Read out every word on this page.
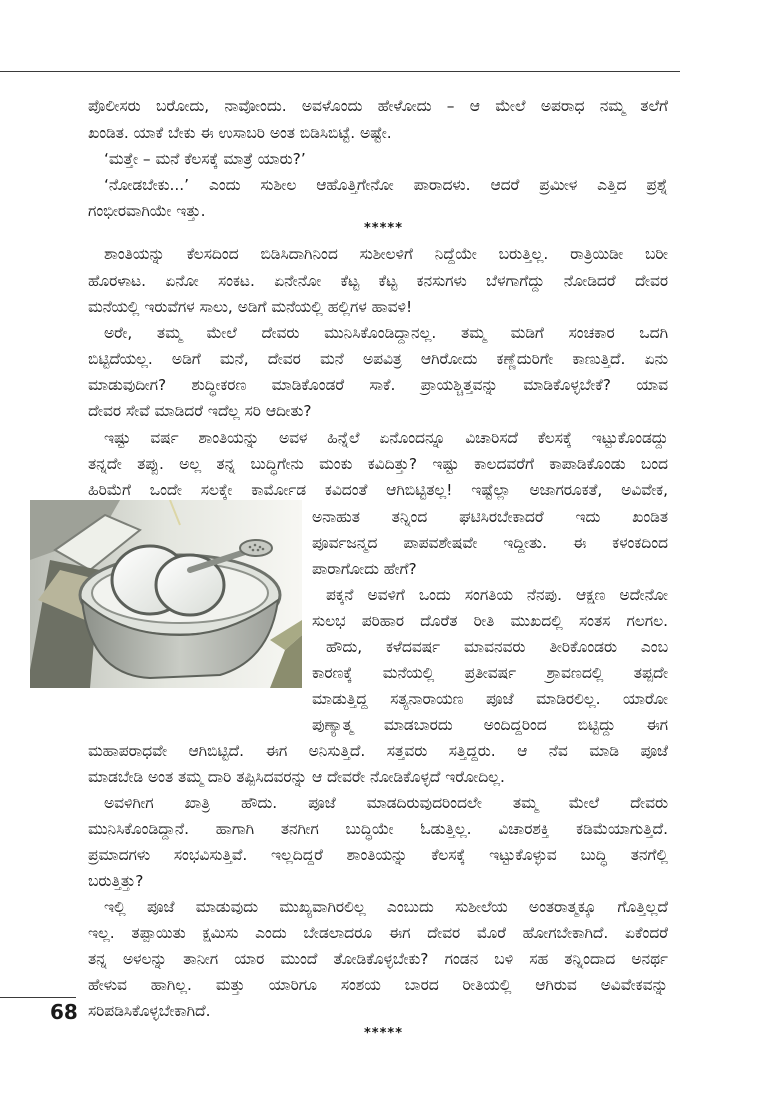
ಪೊಲೀಸರು ಬರೋದು, ನಾವೋಂದು. ಅವಳೊಂದು ಹೇಳೋದು – ಆ ಮೇಲೆ ಅಪರಾಧ ನಮ್ಮ ತಲೆಗೆ
ಖಂಡಿತ. ಯಾಕೆ ಬೇಕು ಈ ಉಸಾಬರಿ ಅಂತ ಬಿಡಿಸಿಬಿಟ್ಟೆ. ಅಷ್ಟೇ.
‘ಮತ್ತೇ – ಮನೆ ಕೆಲಸಕ್ಕೆ ಮಾತ್ರೆ ಯಾರು?’
‘ನೋಡಬೇಕು...’ ಎಂದು ಸುಶೀಲ ಆಹೊತ್ತಿಗೇನೋ ಪಾರಾದಳು. ಆದರೆ ಪ್ರಮೀಳ ಎತ್ತಿದ ಪ್ರಶ್ನೆ
ಗಂಭೀರವಾಗಿಯೇ ಇತ್ತು.
*****
ಶಾಂತಿಯನ್ನು ಕೆಲಸದಿಂದ ಬಿಡಿಸಿದಾಗಿನಿಂದ ಸುಶೀಲಳಿಗೆ ನಿದ್ದೆಯೇ ಬರುತ್ತಿಲ್ಲ. ರಾತ್ರಿಯಿಡೀ ಬರೀ
ಹೊರಳಾಟ. ಏನೋ ಸಂಕಟ. ಏನೇನೋ ಕೆಟ್ಟ ಕೆಟ್ಟ ಕನಸುಗಳು ಬೆಳಗಾಗೆದ್ದು ನೋಡಿದರೆ ದೇವರ
ಮನೆಯಲ್ಲಿ ಇರುವೆಗಳ ಸಾಲು, ಅಡಿಗೆ ಮನೆಯಲ್ಲಿ ಹಲ್ಲಿಗಳ ಹಾವಳಿ!
ಅರೇ, ತಮ್ಮ ಮೇಲೆ ದೇವರು ಮುನಿಸಿಕೊಂಡಿದ್ದಾನಲ್ಲ. ತಮ್ಮ ಮಡಿಗೆ ಸಂಚಕಾರ ಒದಗಿ
ಬಿಟ್ಟಿದೆಯಲ್ಲ. ಅಡಿಗೆ ಮನೆ, ದೇವರ ಮನೆ ಅಪವಿತ್ರ ಆಗಿರೋದು ಕಣ್ಣೆದುರಿಗೇ ಕಾಣುತ್ತಿದೆ. ಏನು
ಮಾಡುವುದೀಗ? ಶುದ್ಧೀಕರಣ ಮಾಡಿಕೊಂಡರೆ ಸಾಕೆ. ಪ್ರಾಯಶ್ಚಿತ್ತವನ್ನು ಮಾಡಿಕೊಳ್ಳಬೇಕೆ? ಯಾವ
ದೇವರ ಸೇವೆ ಮಾಡಿದರೆ ಇದೆಲ್ಲ ಸರಿ ಆದೀತು?
ಇಷ್ಟು ವರ್ಷ ಶಾಂತಿಯನ್ನು ಅವಳ ಹಿನ್ನೆಲೆ ಏನೊಂದನ್ನೂ ವಿಚಾರಿಸದೆ ಕೆಲಸಕ್ಕೆ ಇಟ್ಟುಕೊಂಡದ್ದು
ತನ್ನದೇ ತಪ್ಪು. ಅಲ್ಲ ತನ್ನ ಬುದ್ಧಿಗೇನು ಮಂಕು ಕವಿದಿತ್ತು? ಇಷ್ಟು ಕಾಲದವರೆಗೆ ಕಾಪಾಡಿಕೊಂಡು ಬಂದ
ಹಿರಿಮೆಗೆ ಒಂದೇ ಸಲಕ್ಕೇ ಕಾರ್ಮೋಡ ಕವಿದಂತೆ ಆಗಿಬಿಟ್ಟಿತಲ್ಲ! ಇಷ್ಟೆಲ್ಲಾ ಅಜಾಗರೂಕತೆ, ಅವಿವೇಕ,
ಅನಾಹುತ ತನ್ನಿಂದ ಘಟಿಸಿರಬೇಕಾದರೆ ಇದು ಖಂಡಿತ
ಪೂರ್ವಜನ್ಮದ ಪಾಪವಶೇಷವೇ ಇದ್ದೀತು. ಈ ಕಳಂಕದಿಂದ
ಪಾರಾಗೋದು ಹೇಗೆ?
ಪಕ್ಕನೆ ಅವಳಿಗೆ ಒಂದು ಸಂಗತಿಯ ನೆನಪು. ಆಕ್ಷಣ ಅದೇನೋ
ಸುಲಭ ಪರಿಹಾರ ದೊರೆತ ರೀತಿ ಮುಖದಲ್ಲಿ ಸಂತಸ ಗಲಗಲ.
ಹೌದು, ಕಳೆದವರ್ಷ ಮಾವನವರು ತೀರಿಕೊಂಡರು ಎಂಬ
ಕಾರಣಕ್ಕೆ ಮನೆಯಲ್ಲಿ ಪ್ರತೀವರ್ಷ ಶ್ರಾವಣದಲ್ಲಿ ತಪ್ಪದೇ
ಮಾಡುತ್ತಿದ್ದ ಸತ್ಯನಾರಾಯಣ ಪೂಜೆ ಮಾಡಿರಲಿಲ್ಲ. ಯಾರೋ
ಪುಣ್ಯಾತ್ಮ ಮಾಡಬಾರದು ಅಂದಿದ್ದರಿಂದ ಬಿಟ್ಟಿದ್ದು ಈಗ
ಮಹಾಪರಾಧವೇ ಆಗಿಬಿಟ್ಟಿದೆ. ಈಗ ಅನಿಸುತ್ತಿದೆ. ಸತ್ತವರು ಸತ್ತಿದ್ದರು. ಆ ನೆವ ಮಾಡಿ ಪೂಜೆ
ಮಾಡಬೇಡಿ ಅಂತ ತಮ್ಮ ದಾರಿ ತಪ್ಪಿಸಿದವರನ್ನು ಆ ದೇವರೇ ನೋಡಿಕೊಳ್ಳದೆ ಇರೋದಿಲ್ಲ.
ಅವಳಿಗೀಗ ಖಾತ್ರಿ ಹೌದು. ಪೂಜೆ ಮಾಡದಿರುವುದರಿಂದಲೇ ತಮ್ಮ ಮೇಲೆ ದೇವರು
ಮುನಿಸಿಕೊಂಡಿದ್ದಾನೆ. ಹಾಗಾಗಿ ತನಗೀಗ ಬುದ್ಧಿಯೇ ಓಡುತ್ತಿಲ್ಲ. ವಿಚಾರಶಕ್ತಿ ಕಡಿಮೆಯಾಗುತ್ತಿದೆ.
ಪ್ರಮಾದಗಳು ಸಂಭವಿಸುತ್ತಿವೆ. ಇಲ್ಲದಿದ್ದರೆ ಶಾಂತಿಯನ್ನು ಕೆಲಸಕ್ಕೆ ಇಟ್ಟುಕೊಳ್ಳುವ ಬುದ್ಧಿ ತನಗೆಲ್ಲಿ
ಬರುತ್ತಿತ್ತು?
ಇಲ್ಲಿ ಪೂಜೆ ಮಾಡುವುದು ಮುಖ್ಯವಾಗಿರಲಿಲ್ಲ ಎಂಬುದು ಸುಶೀಲೆಯ ಅಂತರಾತ್ಮಕ್ಕೂ ಗೊತ್ತಿಲ್ಲದೆ
ಇಲ್ಲ. ತಪ್ಪಾಯಿತು ಕ್ಷಮಿಸು ಎಂದು ಬೇಡಲಾದರೂ ಈಗ ದೇವರ ಮೊರೆ ಹೋಗಬೇಕಾಗಿದೆ. ಏಕೆಂದರೆ
ತನ್ನ ಅಳಲನ್ನು ತಾನೀಗ ಯಾರ ಮುಂದೆ ತೋಡಿಕೊಳ್ಳಬೇಕು? ಗಂಡನ ಬಳಿ ಸಹ ತನ್ನಿಂದಾದ ಅನರ್ಥ
ಹೇಳುವ ಹಾಗಿಲ್ಲ. ಮತ್ತು ಯಾರಿಗೂ ಸಂಶಯ ಬಾರದ ರೀತಿಯಲ್ಲಿ ಆಗಿರುವ ಅವಿವೇಕವನ್ನು
ಸರಿಪಡಿಸಿಕೊಳ್ಳಬೇಕಾಗಿದೆ.
*****
68
